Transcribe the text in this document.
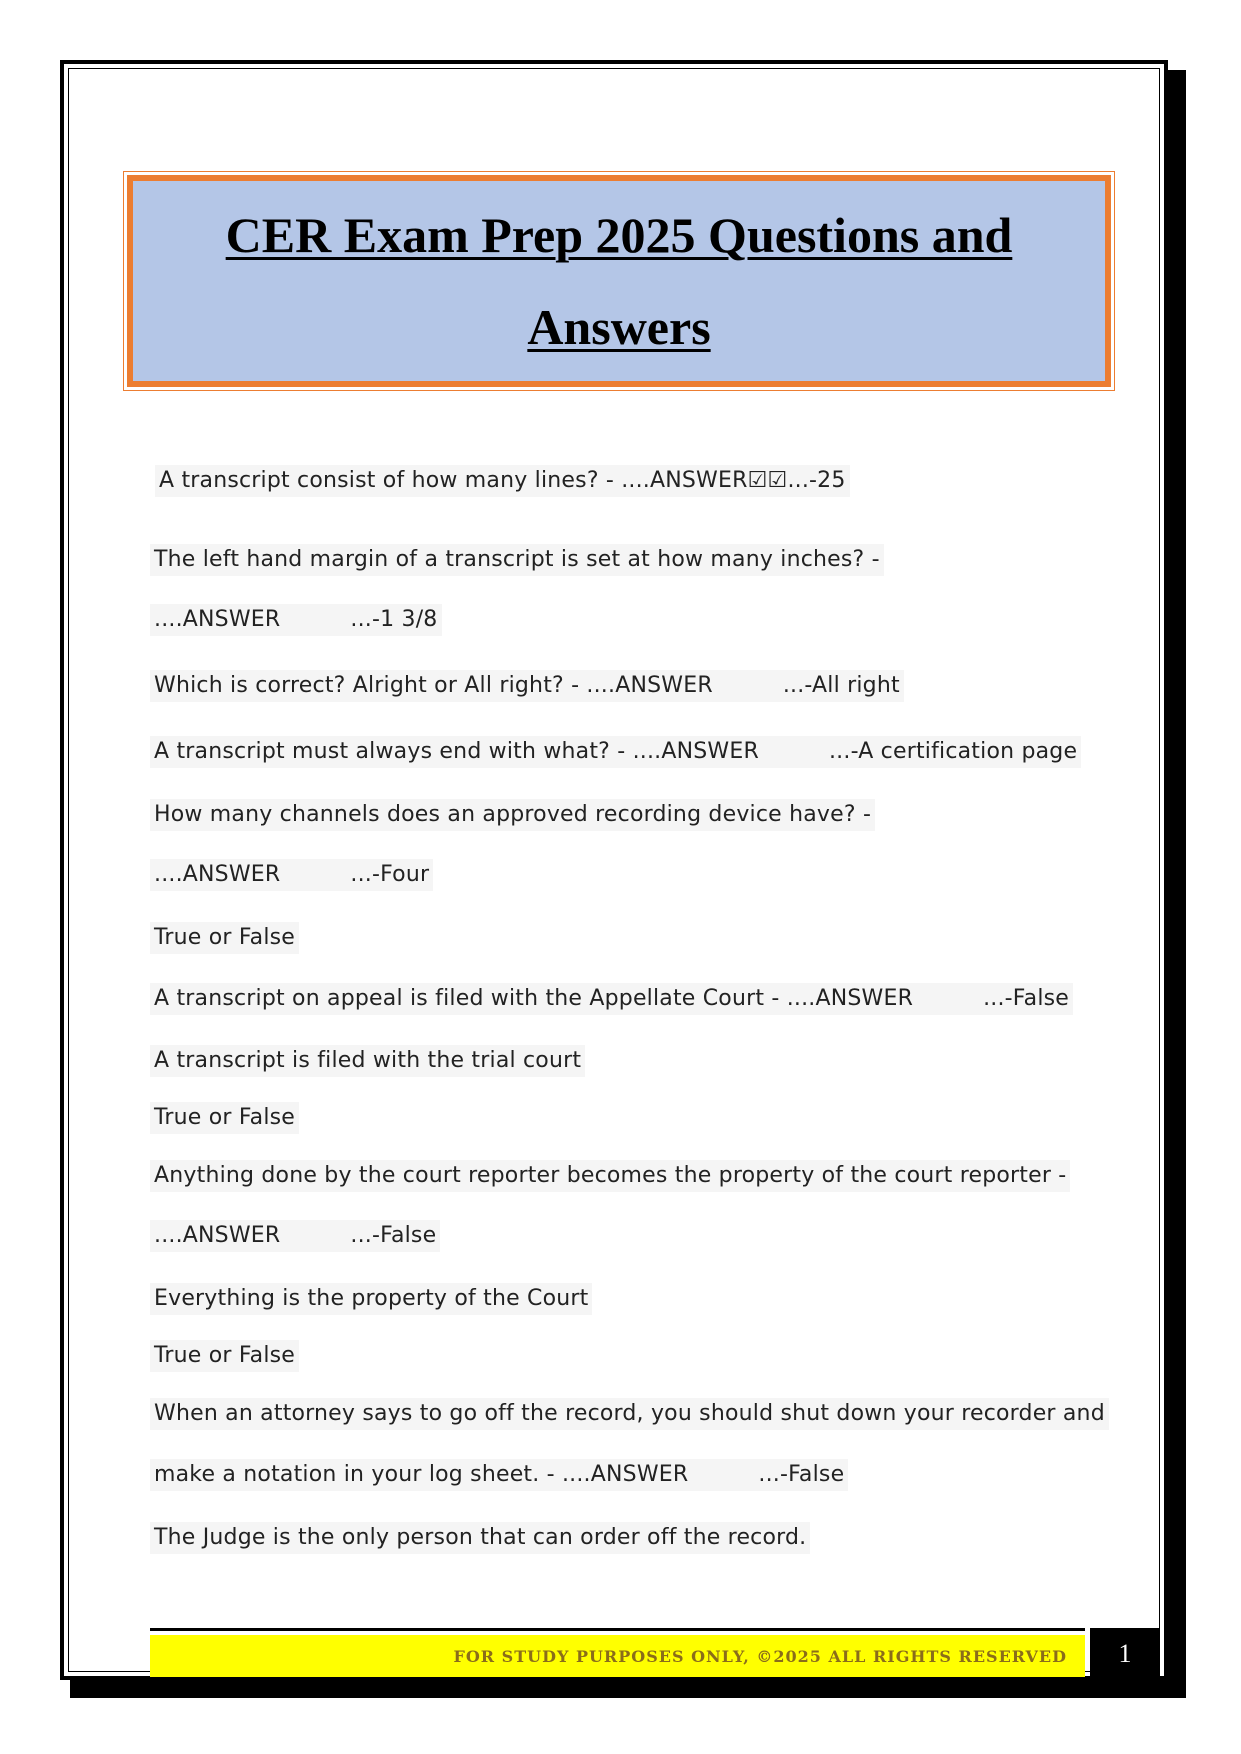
CER Exam Prep 2025 Questions and
Answers
A transcript consist of how many lines? - ....ANSWER☑☑...-25
The left hand margin of a transcript is set at how many inches? -
....ANSWER	...-1 3/8
Which is correct? Alright or All right? - ....ANSWER	...-All right
A transcript must always end with what? - ....ANSWER	...-A certification page
How many channels does an approved recording device have? -
....ANSWER	...-Four
True or False
A transcript on appeal is filed with the Appellate Court - ....ANSWER	...-False
A transcript is filed with the trial court
True or False
Anything done by the court reporter becomes the property of the court reporter -
....ANSWER	...-False
Everything is the property of the Court
True or False
When an attorney says to go off the record, you should shut down your recorder and
make a notation in your log sheet. - ....ANSWER	...-False
The Judge is the only person that can order off the record.
FOR STUDY PURPOSES ONLY, ©2025 ALL RIGHTS RESERVED	1
